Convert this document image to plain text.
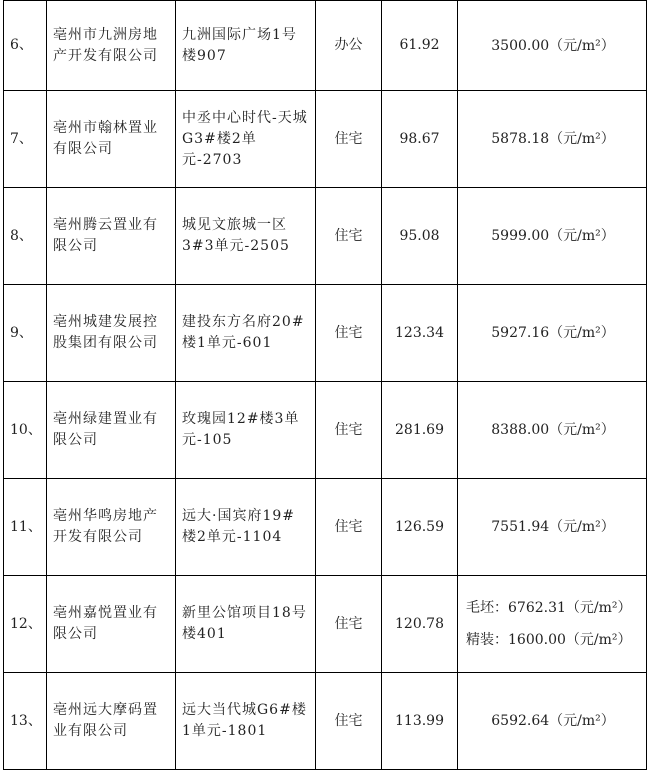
6、	亳州市九洲房地产开发有限公司	九洲国际广场1号楼907	办公	61.92	3500.00（元/m²）

7、	亳州市翰林置业有限公司	中丞中心时代-天城G3#楼2单元-2703	住宅	98.67	5878.18（元/m²）

8、	亳州腾云置业有限公司	城见文旅城一区3#3单元-2505	住宅	95.08	5999.00（元/m²）

9、	亳州城建发展控股集团有限公司	建投东方名府20#楼1单元-601	住宅	123.34	5927.16（元/m²）

10、	亳州绿建置业有限公司	玫瑰园12#楼3单元-105	住宅	281.69	8388.00（元/m²）

11、	亳州华鸣房地产开发有限公司	远大·国宾府19#楼2单元-1104	住宅	126.59	7551.94（元/m²）

12、	亳州嘉悦置业有限公司	新里公馆项目18号楼401	住宅	120.78	毛坯：6762.31（元/m²）
精装：1600.00（元/m²）

13、	亳州远大摩码置业有限公司	远大当代城G6#楼1单元-1801	住宅	113.99	6592.64（元/m²）
